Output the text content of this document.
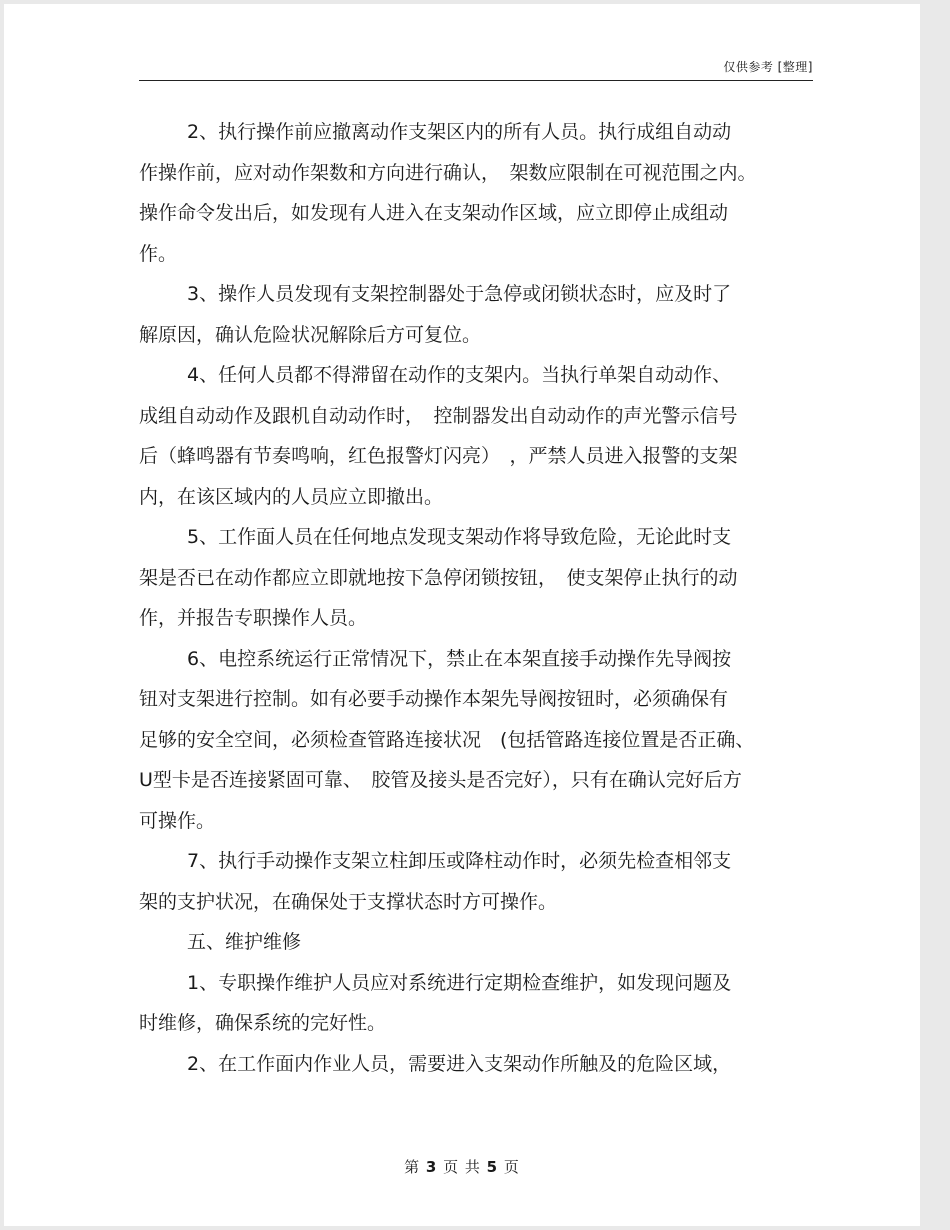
仅供参考 [整理]
2、执行操作前应撤离动作支架区内的所有人员。执行成组自动动
作操作前，应对动作架数和方向进行确认，　架数应限制在可视范围之内。
操作命令发出后，如发现有人进入在支架动作区域，应立即停止成组动
作。
3、操作人员发现有支架控制器处于急停或闭锁状态时，应及时了
解原因，确认危险状况解除后方可复位。
4、任何人员都不得滞留在动作的支架内。当执行单架自动动作、
成组自动动作及跟机自动动作时，　控制器发出自动动作的声光警示信号
后（蜂鸣器有节奏鸣响，红色报警灯闪亮）　，严禁人员进入报警的支架
内，在该区域内的人员应立即撤出。
5、工作面人员在任何地点发现支架动作将导致危险，无论此时支
架是否已在动作都应立即就地按下急停闭锁按钮，　使支架停止执行的动
作，并报告专职操作人员。
6、电控系统运行正常情况下，禁止在本架直接手动操作先导阀按
钮对支架进行控制。如有必要手动操作本架先导阀按钮时，必须确保有
足够的安全空间，必须检查管路连接状况　(包括管路连接位置是否正确、
U型卡是否连接紧固可靠、　胶管及接头是否完好），只有在确认完好后方
可操作。
7、执行手动操作支架立柱卸压或降柱动作时，必须先检查相邻支
架的支护状况，在确保处于支撑状态时方可操作。
五、维护维修
1、专职操作维护人员应对系统进行定期检查维护，如发现问题及
时维修，确保系统的完好性。
2、在工作面内作业人员，需要进入支架动作所触及的危险区域，
第 3 页 共 5 页
